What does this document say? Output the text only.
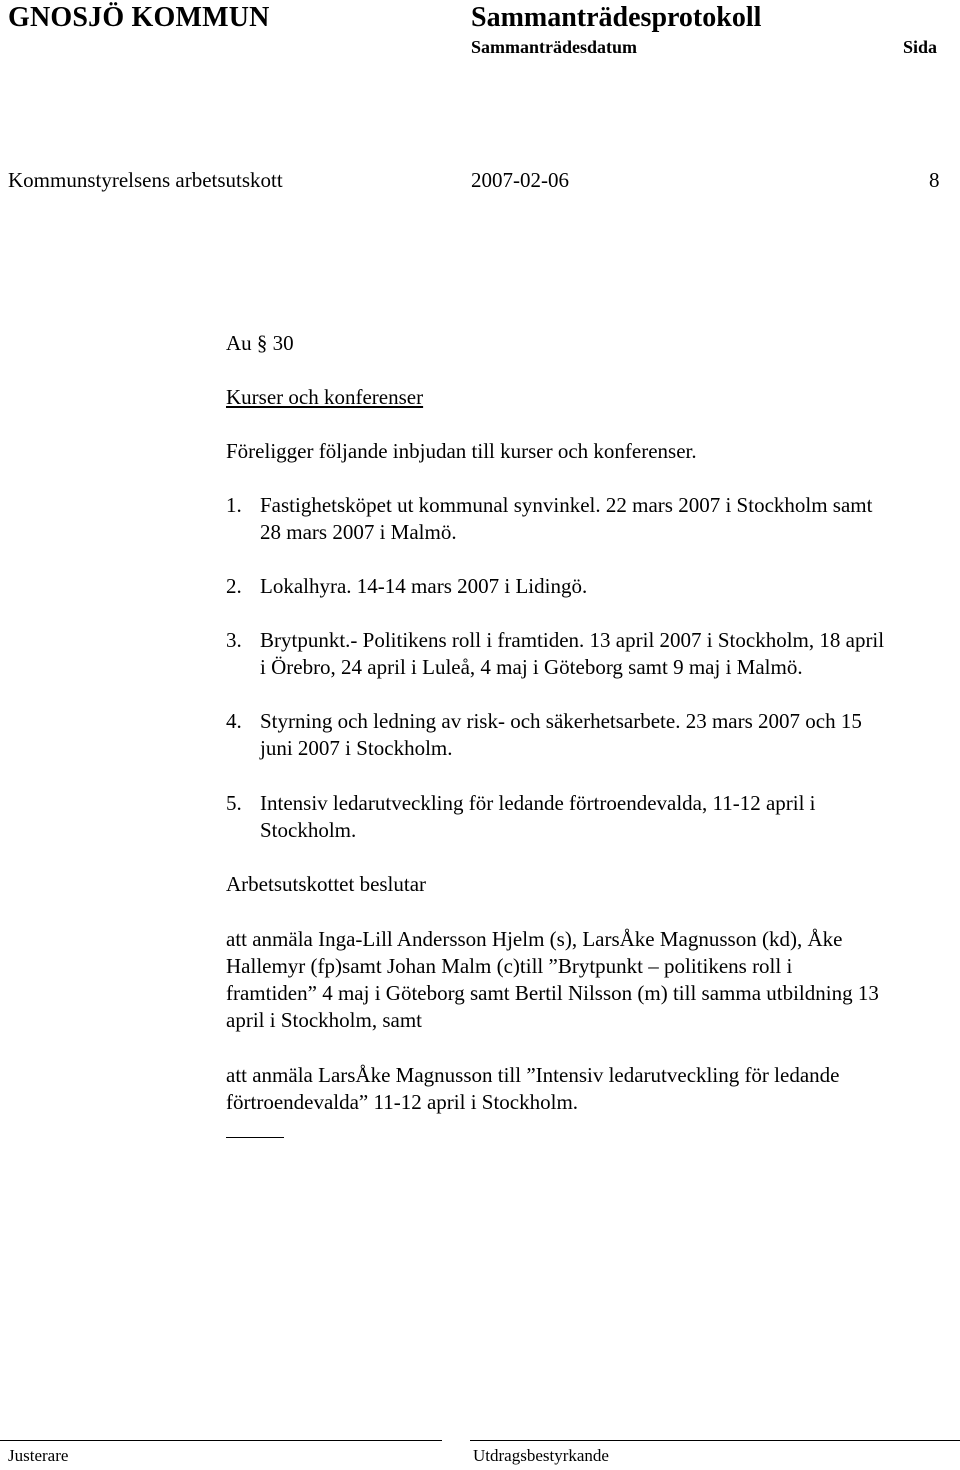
GNOSJÖ KOMMUN	Sammanträdesprotokoll
Sammanträdesdatum	Sida
Kommunstyrelsens arbetsutskott	2007-02-06	8
Au § 30
Kurser och konferenser
Föreligger följande inbjudan till kurser och konferenser.
1. Fastighetsköpet ut kommunal synvinkel. 22 mars 2007 i Stockholm samt
28 mars 2007 i Malmö.
2. Lokalhyra. 14-14 mars 2007 i Lidingö.
3. Brytpunkt.- Politikens roll i framtiden. 13 april 2007 i Stockholm, 18 april
i Örebro, 24 april i Luleå, 4 maj i Göteborg samt 9 maj i Malmö.
4. Styrning och ledning av risk- och säkerhetsarbete. 23 mars 2007 och 15
juni 2007 i Stockholm.
5. Intensiv ledarutveckling för ledande förtroendevalda, 11-12 april i
Stockholm.
Arbetsutskottet beslutar
att anmäla Inga-Lill Andersson Hjelm (s), LarsÅke Magnusson (kd), Åke
Hallemyr (fp)samt Johan Malm (c)till ”Brytpunkt – politikens roll i
framtiden” 4 maj i Göteborg samt Bertil Nilsson (m) till samma utbildning 13
april i Stockholm, samt
att anmäla LarsÅke Magnusson till ”Intensiv ledarutveckling för ledande
förtroendevalda” 11-12 april i Stockholm.
Justerare	Utdragsbestyrkande
